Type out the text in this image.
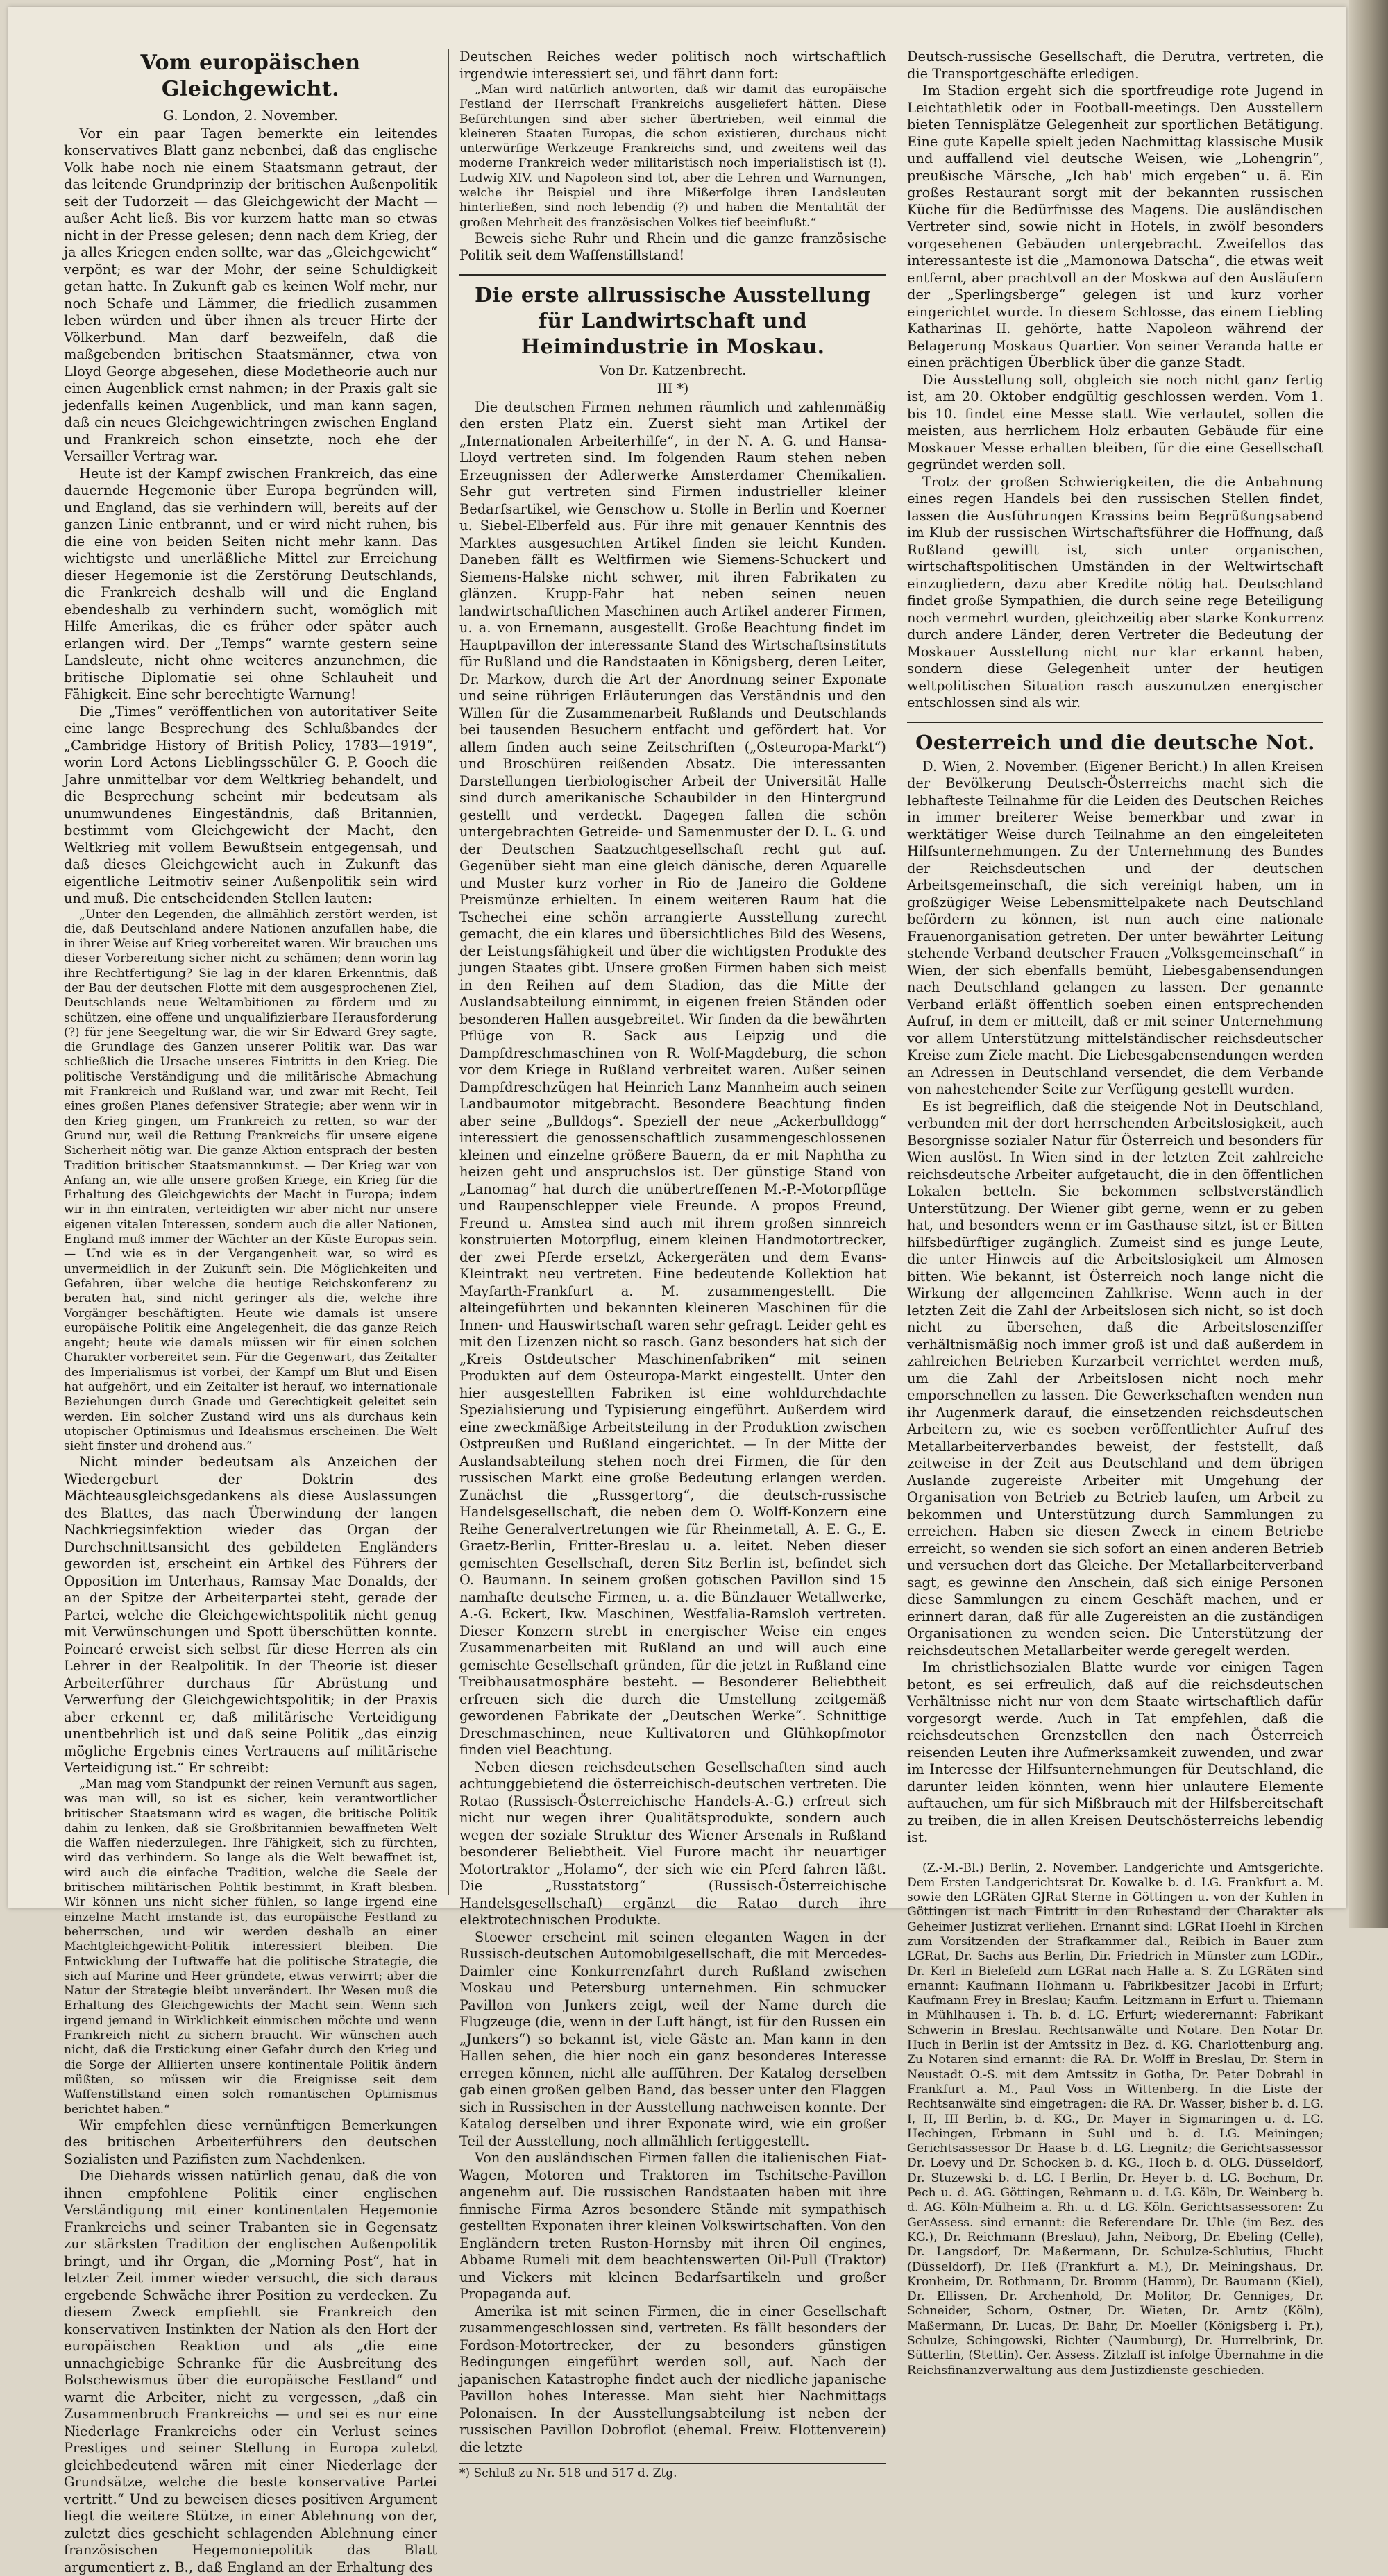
Vom europäischen Gleichgewicht.
G. London, 2. November.

Vor ein paar Tagen bemerkte ein leitendes konservatives Blatt ganz nebenbei, daß das englische Volk habe noch nie einem Staatsmann getraut, der das leitende Grundprinzip der britischen Außenpolitik seit der Tudorzeit — das Gleichgewicht der Macht — außer Acht ließ. Bis vor kurzem hatte man so etwas nicht in der Presse gelesen; denn nach dem Krieg, der ja alles Kriegen enden sollte, war das „Gleichgewicht“ verpönt; es war der Mohr, der seine Schuldigkeit getan hatte. In Zukunft gab es keinen Wolf mehr, nur noch Schafe und Lämmer, die friedlich zusammen leben würden und über ihnen als treuer Hirte der Völkerbund. Man darf bezweifeln, daß die maßgebenden britischen Staatsmänner, etwa von Lloyd George abgesehen, diese Modetheorie auch nur einen Augenblick ernst nahmen; in der Praxis galt sie jedenfalls keinen Augenblick, und man kann sagen, daß ein neues Gleichgewichtringen zwischen England und Frankreich schon einsetzte, noch ehe der Versailler Vertrag war.

Heute ist der Kampf zwischen Frankreich, das eine dauernde Hegemonie über Europa begründen will, und England, das sie verhindern will, bereits auf der ganzen Linie entbrannt, und er wird nicht ruhen, bis die eine von beiden Seiten nicht mehr kann. Das wichtigste und unerläßliche Mittel zur Erreichung dieser Hegemonie ist die Zerstörung Deutschlands, die Frankreich deshalb will und die England ebendeshalb zu verhindern sucht, womöglich mit Hilfe Amerikas, die es früher oder später auch erlangen wird. Der „Temps“ warnte gestern seine Landsleute, nicht ohne weiteres anzunehmen, die britische Diplomatie sei ohne Schlauheit und Fähigkeit. Eine sehr berechtigte Warnung!

Die „Times“ veröffentlichen von autoritativer Seite eine lange Besprechung des Schlußbandes der „Cambridge History of British Policy, 1783—1919“, worin Lord Actons Lieblingsschüler G. P. Gooch die Jahre unmittelbar vor dem Weltkrieg behandelt, und die Besprechung scheint mir bedeutsam als unumwundenes Eingeständnis, daß Britannien, bestimmt vom Gleichgewicht der Macht, den Weltkrieg mit vollem Bewußtsein entgegensah, und daß dieses Gleichgewicht auch in Zukunft das eigentliche Leitmotiv seiner Außenpolitik sein wird und muß. Die entscheidenden Stellen lauten:

„Unter den Legenden, die allmählich zerstört werden, ist die, daß Deutschland andere Nationen anzufallen habe, die in ihrer Weise auf Krieg vorbereitet waren. Wir brauchen uns dieser Vorbereitung sicher nicht zu schämen; denn worin lag ihre Rechtfertigung? Sie lag in der klaren Erkenntnis, daß der Bau der deutschen Flotte mit dem ausgesprochenen Ziel, Deutschlands neue Weltambitionen zu fördern und zu schützen, eine offene und unqualifizierbare Herausforderung (?) für jene Seegeltung war, die wir Sir Edward Grey sagte, die Grundlage des Ganzen unserer Politik war. Das war schließlich die Ursache unseres Eintritts in den Krieg. Die politische Verständigung und die militärische Abmachung mit Frankreich und Rußland war, und zwar mit Recht, Teil eines großen Planes defensiver Strategie; aber wenn wir in den Krieg gingen, um Frankreich zu retten, so war der Grund nur, weil die Rettung Frankreichs für unsere eigene Sicherheit nötig war. Die ganze Aktion entsprach der besten Tradition britischer Staatsmannkunst. — Der Krieg war von Anfang an, wie alle unsere großen Kriege, ein Krieg für die Erhaltung des Gleichgewichts der Macht in Europa; indem wir in ihn eintraten, verteidigten wir aber nicht nur unsere eigenen vitalen Interessen, sondern auch die aller Nationen, England muß immer der Wächter an der Küste Europas sein. — Und wie es in der Vergangenheit war, so wird es unvermeidlich in der Zukunft sein. Die Möglichkeiten und Gefahren, über welche die heutige Reichskonferenz zu beraten hat, sind nicht geringer als die, welche ihre Vorgänger beschäftigten. Heute wie damals ist unsere europäische Politik eine Angelegenheit, die das ganze Reich angeht; heute wie damals müssen wir für einen solchen Charakter vorbereitet sein. Für die Gegenwart, das Zeitalter des Imperialismus ist vorbei, der Kampf um Blut und Eisen hat aufgehört, und ein Zeitalter ist herauf, wo internationale Beziehungen durch Gnade und Gerechtigkeit geleitet sein werden. Ein solcher Zustand wird uns als durchaus kein utopischer Optimismus und Idealismus erscheinen. Die Welt sieht finster und drohend aus.“

Nicht minder bedeutsam als Anzeichen der Wiedergeburt der Doktrin des Mächteausgleichsgedankens als diese Auslassungen des Blattes, das nach Überwindung der langen Nachkriegsinfektion wieder das Organ der Durchschnittsansicht des gebildeten Engländers geworden ist, erscheint ein Artikel des Führers der Opposition im Unterhaus, Ramsay Mac Donalds, der an der Spitze der Arbeiterpartei steht, gerade der Partei, welche die Gleichgewichtspolitik nicht genug mit Verwünschungen und Spott überschütten konnte. Poincaré erweist sich selbst für diese Herren als ein Lehrer in der Realpolitik. In der Theorie ist dieser Arbeiterführer durchaus für Abrüstung und Verwerfung der Gleichgewichtspolitik; in der Praxis aber erkennt er, daß militärische Verteidigung unentbehrlich ist und daß seine Politik „das einzig mögliche Ergebnis eines Vertrauens auf militärische Verteidigung ist.“ Er schreibt:

„Man mag vom Standpunkt der reinen Vernunft aus sagen, was man will, so ist es sicher, kein verantwortlicher britischer Staatsmann wird es wagen, die britische Politik dahin zu lenken, daß sie Großbritannien bewaffneten Welt die Waffen niederzulegen. Ihre Fähigkeit, sich zu fürchten, wird das verhindern. So lange als die Welt bewaffnet ist, wird auch die einfache Tradition, welche die Seele der britischen militärischen Politik bestimmt, in Kraft bleiben. Wir können uns nicht sicher fühlen, so lange irgend eine einzelne Macht imstande ist, das europäische Festland zu beherrschen, und wir werden deshalb an einer Machtgleichgewicht-Politik interessiert bleiben. Die Entwicklung der Luftwaffe hat die politische Strategie, die sich auf Marine und Heer gründete, etwas verwirrt; aber die Natur der Strategie bleibt unverändert. Ihr Wesen muß die Erhaltung des Gleichgewichts der Macht sein. Wenn sich irgend jemand in Wirklichkeit einmischen möchte und wenn Frankreich nicht zu sichern braucht. Wir wünschen auch nicht, daß die Erstickung einer Gefahr durch den Krieg und die Sorge der Alliierten unsere kontinentale Politik ändern müßten, so müssen wir die Ereignisse seit dem Waffenstillstand einen solch romantischen Optimismus berichtet haben.“

Wir empfehlen diese vernünftigen Bemerkungen des britischen Arbeiterführers den deutschen Sozialisten und Pazifisten zum Nachdenken.

Die Diehards wissen natürlich genau, daß die von ihnen empfohlene Politik einer englischen Verständigung mit einer kontinentalen Hegemonie Frankreichs und seiner Trabanten sie in Gegensatz zur stärksten Tradition der englischen Außenpolitik bringt, und ihr Organ, die „Morning Post“, hat in letzter Zeit immer wieder versucht, die sich daraus ergebende Schwäche ihrer Position zu verdecken. Zu diesem Zweck empfiehlt sie Frankreich den konservativen Instinkten der Nation als den Hort der europäischen Reaktion und als „die eine unnachgiebige Schranke für die Ausbreitung des Bolschewismus über die europäische Festland“ und warnt die Arbeiter, nicht zu vergessen, „daß ein Zusammenbruch Frankreichs — und sei es nur eine Niederlage Frankreichs oder ein Verlust seines Prestiges und seiner Stellung in Europa zuletzt gleichbedeutend wären mit einer Niederlage der Grundsätze, welche die beste konservative Partei vertritt.“ Und zu beweisen dieses positiven Argument liegt die weitere Stütze, in einer Ablehnung von der, zuletzt dies geschieht schlagenden Ablehnung einer französischen Hegemoniepolitik das Blatt argumentiert z. B., daß England an der Erhaltung des

Deutschen Reiches weder politisch noch wirtschaftlich irgendwie interessiert sei, und fährt dann fort:

„Man wird natürlich antworten, daß wir damit das europäische Festland der Herrschaft Frankreichs ausgeliefert hätten. Diese Befürchtungen sind aber sicher übertrieben, weil einmal die kleineren Staaten Europas, die schon existieren, durchaus nicht unterwürfige Werkzeuge Frankreichs sind, und zweitens weil das moderne Frankreich weder militaristisch noch imperialistisch ist (!). Ludwig XIV. und Napoleon sind tot, aber die Lehren und Warnungen, welche ihr Beispiel und ihre Mißerfolge ihren Landsleuten hinterließen, sind noch lebendig (?) und haben die Mentalität der großen Mehrheit des französischen Volkes tief beeinflußt.“

Beweis siehe Ruhr und Rhein und die ganze französische Politik seit dem Waffenstillstand!

Die erste allrussische Ausstellung für Landwirtschaft und Heimindustrie in Moskau.
Von Dr. Katzenbrecht.
III *)

Die deutschen Firmen nehmen räumlich und zahlenmäßig den ersten Platz ein. Zuerst sieht man Artikel der „Internationalen Arbeiterhilfe“, in der N. A. G. und Hansa-Lloyd vertreten sind. Im folgenden Raum stehen neben Erzeugnissen der Adlerwerke Amsterdamer Chemikalien. Sehr gut vertreten sind Firmen industrieller kleiner Bedarfsartikel, wie Genschow u. Stolle in Berlin und Koerner u. Siebel-Elberfeld aus. Für ihre mit genauer Kenntnis des Marktes ausgesuchten Artikel finden sie leicht Kunden. Daneben fällt es Weltfirmen wie Siemens-Schuckert und Siemens-Halske nicht schwer, mit ihren Fabrikaten zu glänzen. Krupp-Fahr hat neben seinen neuen landwirtschaftlichen Maschinen auch Artikel anderer Firmen, u. a. von Ernemann, ausgestellt. Große Beachtung findet im Hauptpavillon der interessante Stand des Wirtschaftsinstituts für Rußland und die Randstaaten in Königsberg, deren Leiter, Dr. Markow, durch die Art der Anordnung seiner Exponate und seine rührigen Erläuterungen das Verständnis und den Willen für die Zusammenarbeit Rußlands und Deutschlands bei tausenden Besuchern entfacht und gefördert hat. Vor allem finden auch seine Zeitschriften („Osteuropa-Markt“) und Broschüren reißenden Absatz. Die interessanten Darstellungen tierbiologischer Arbeit der Universität Halle sind durch amerikanische Schaubilder in den Hintergrund gestellt und verdeckt. Dagegen fallen die schön untergebrachten Getreide- und Samenmuster der D. L. G. und der Deutschen Saatzuchtgesellschaft recht gut auf. Gegenüber sieht man eine gleich dänische, deren Aquarelle und Muster kurz vorher in Rio de Janeiro die Goldene Preismünze erhielten. In einem weiteren Raum hat die Tschechei eine schön arrangierte Ausstellung zurecht gemacht, die ein klares und übersichtliches Bild des Wesens, der Leistungsfähigkeit und über die wichtigsten Produkte des jungen Staates gibt. Unsere großen Firmen haben sich meist in den Reihen auf dem Stadion, das die Mitte der Auslandsabteilung einnimmt, in eigenen freien Ständen oder besonderen Hallen ausgebreitet. Wir finden da die bewährten Pflüge von R. Sack aus Leipzig und die Dampfdreschmaschinen von R. Wolf-Magdeburg, die schon vor dem Kriege in Rußland verbreitet waren. Außer seinen Dampfdreschzügen hat Heinrich Lanz Mannheim auch seinen Landbaumotor mitgebracht. Besondere Beachtung finden aber seine „Bulldogs“. Speziell der neue „Ackerbulldogg“ interessiert die genossenschaftlich zusammengeschlossenen kleinen und einzelne größere Bauern, da er mit Naphtha zu heizen geht und anspruchslos ist. Der günstige Stand von „Lanomag“ hat durch die unübertreffenen M.-P.-Motorpflüge und Raupenschlepper viele Freunde. A propos Freund, Freund u. Amstea sind auch mit ihrem großen sinnreich konstruierten Motorpflug, einem kleinen Handmotortrecker, der zwei Pferde ersetzt, Ackergeräten und dem Evans-Kleintrakt neu vertreten. Eine bedeutende Kollektion hat Mayfarth-Frankfurt a. M. zusammengestellt. Die alteingeführten und bekannten kleineren Maschinen für die Innen- und Hauswirtschaft waren sehr gefragt. Leider geht es mit den Lizenzen nicht so rasch. Ganz besonders hat sich der „Kreis Ostdeutscher Maschinenfabriken“ mit seinen Produkten auf dem Osteuropa-Markt eingestellt. Unter den hier ausgestellten Fabriken ist eine wohldurchdachte Spezialisierung und Typisierung eingeführt. Außerdem wird eine zweckmäßige Arbeitsteilung in der Produktion zwischen Ostpreußen und Rußland eingerichtet. — In der Mitte der Auslandsabteilung stehen noch drei Firmen, die für den russischen Markt eine große Bedeutung erlangen werden. Zunächst die „Russgertorg“, die deutsch-russische Handelsgesellschaft, die neben dem O. Wolff-Konzern eine Reihe Generalvertretungen wie für Rheinmetall, A. E. G., E. Graetz-Berlin, Fritter-Breslau u. a. leitet. Neben dieser gemischten Gesellschaft, deren Sitz Berlin ist, befindet sich O. Baumann. In seinem großen gotischen Pavillon sind 15 namhafte deutsche Firmen, u. a. die Bünzlauer Wetallwerke, A.-G. Eckert, Ikw. Maschinen, Westfalia-Ramsloh vertreten. Dieser Konzern strebt in energischer Weise ein enges Zusammenarbeiten mit Rußland an und will auch eine gemischte Gesellschaft gründen, für die jetzt in Rußland eine Treibhausatmosphäre besteht. — Besonderer Beliebtheit erfreuen sich die durch die Umstellung zeitgemäß gewordenen Fabrikate der „Deutschen Werke“. Schnittige Dreschmaschinen, neue Kultivatoren und Glühkopfmotor finden viel Beachtung.

Neben diesen reichsdeutschen Gesellschaften sind auch achtunggebietend die österreichisch-deutschen vertreten. Die Rotao (Russisch-Österreichische Handels-A.-G.) erfreut sich nicht nur wegen ihrer Qualitätsprodukte, sondern auch wegen der soziale Struktur des Wiener Arsenals in Rußland besonderer Beliebtheit. Viel Furore macht ihr neuartiger Motortraktor „Holamo“, der sich wie ein Pferd fahren läßt. Die „Russtatstorg“ (Russisch-Österreichische Handelsgesellschaft) ergänzt die Ratao durch ihre elektrotechnischen Produkte.

Stoewer erscheint mit seinen eleganten Wagen in der Russisch-deutschen Automobilgesellschaft, die mit Mercedes-Daimler eine Konkurrenzfahrt durch Rußland zwischen Moskau und Petersburg unternehmen. Ein schmucker Pavillon von Junkers zeigt, weil der Name durch die Flugzeuge (die, wenn in der Luft hängt, ist für den Russen ein „Junkers“) so bekannt ist, viele Gäste an. Man kann in den Hallen sehen, die hier noch ein ganz besonderes Interesse erregen können, nicht alle aufführen. Der Katalog derselben gab einen großen gelben Band, das besser unter den Flaggen sich in Russischen in der Ausstellung nachweisen konnte. Der Katalog derselben und ihrer Exponate wird, wie ein großer Teil der Ausstellung, noch allmählich fertiggestellt.

Von den ausländischen Firmen fallen die italienischen Fiat-Wagen, Motoren und Traktoren im Tschitsche-Pavillon angenehm auf. Die russischen Randstaaten haben mit ihre finnische Firma Azros besondere Stände mit sympathisch gestellten Exponaten ihrer kleinen Volkswirtschaften. Von den Engländern treten Ruston-Hornsby mit ihren Oil engines, Abbame Rumeli mit dem beachtenswerten Oil-Pull (Traktor) und Vickers mit kleinen Bedarfsartikeln und großer Propaganda auf.

Amerika ist mit seinen Firmen, die in einer Gesellschaft zusammengeschlossen sind, vertreten. Es fällt besonders der Fordson-Motortrecker, der zu besonders günstigen Bedingungen eingeführt werden soll, auf. Nach der japanischen Katastrophe findet auch der niedliche japanische Pavillon hohes Interesse. Man sieht hier Nachmittags Polonaisen. In der Ausstellungsabteilung ist neben der russischen Pavillon Dobroflot (ehemal. Freiw. Flottenverein) die letzte

*) Schluß zu Nr. 518 und 517 d. Ztg.

Deutsch-russische Gesellschaft, die Derutra, vertreten, die die Transportgeschäfte erledigen.

Im Stadion ergeht sich die sportfreudige rote Jugend in Leichtathletik oder in Football-meetings. Den Ausstellern bieten Tennisplätze Gelegenheit zur sportlichen Betätigung. Eine gute Kapelle spielt jeden Nachmittag klassische Musik und auffallend viel deutsche Weisen, wie „Lohengrin“, preußische Märsche, „Ich hab' mich ergeben“ u. ä. Ein großes Restaurant sorgt mit der bekannten russischen Küche für die Bedürfnisse des Magens. Die ausländischen Vertreter sind, sowie nicht in Hotels, in zwölf besonders vorgesehenen Gebäuden untergebracht. Zweifellos das interessanteste ist die „Mamonowa Datscha“, die etwas weit entfernt, aber prachtvoll an der Moskwa auf den Ausläufern der „Sperlingsberge“ gelegen ist und kurz vorher eingerichtet wurde. In diesem Schlosse, das einem Liebling Katharinas II. gehörte, hatte Napoleon während der Belagerung Moskaus Quartier. Von seiner Veranda hatte er einen prächtigen Überblick über die ganze Stadt.

Die Ausstellung soll, obgleich sie noch nicht ganz fertig ist, am 20. Oktober endgültig geschlossen werden. Vom 1. bis 10. findet eine Messe statt. Wie verlautet, sollen die meisten, aus herrlichem Holz erbauten Gebäude für eine Moskauer Messe erhalten bleiben, für die eine Gesellschaft gegründet werden soll.

Trotz der großen Schwierigkeiten, die die Anbahnung eines regen Handels bei den russischen Stellen findet, lassen die Ausführungen Krassins beim Begrüßungsabend im Klub der russischen Wirtschaftsführer die Hoffnung, daß Rußland gewillt ist, sich unter organischen, wirtschaftspolitischen Umständen in der Weltwirtschaft einzugliedern, dazu aber Kredite nötig hat. Deutschland findet große Sympathien, die durch seine rege Beteiligung noch vermehrt wurden, gleichzeitig aber starke Konkurrenz durch andere Länder, deren Vertreter die Bedeutung der Moskauer Ausstellung nicht nur klar erkannt haben, sondern diese Gelegenheit unter der heutigen weltpolitischen Situation rasch auszunutzen energischer entschlossen sind als wir.

Oesterreich und die deutsche Not.

D. Wien, 2. November. (Eigener Bericht.) In allen Kreisen der Bevölkerung Deutsch-Österreichs macht sich die lebhafteste Teilnahme für die Leiden des Deutschen Reiches in immer breiterer Weise bemerkbar und zwar in werktätiger Weise durch Teilnahme an den eingeleiteten Hilfsunternehmungen. Zu der Unternehmung des Bundes der Reichsdeutschen und der deutschen Arbeitsgemeinschaft, die sich vereinigt haben, um in großzügiger Weise Lebensmittelpakete nach Deutschland befördern zu können, ist nun auch eine nationale Frauenorganisation getreten. Der unter bewährter Leitung stehende Verband deutscher Frauen „Volksgemeinschaft“ in Wien, der sich ebenfalls bemüht, Liebesgabensendungen nach Deutschland gelangen zu lassen. Der genannte Verband erläßt öffentlich soeben einen entsprechenden Aufruf, in dem er mitteilt, daß er mit seiner Unternehmung vor allem Unterstützung mittelständischer reichsdeutscher Kreise zum Ziele macht. Die Liebesgabensendungen werden an Adressen in Deutschland versendet, die dem Verbande von nahestehender Seite zur Verfügung gestellt wurden.

Es ist begreiflich, daß die steigende Not in Deutschland, verbunden mit der dort herrschenden Arbeitslosigkeit, auch Besorgnisse sozialer Natur für Österreich und besonders für Wien auslöst. In Wien sind in der letzten Zeit zahlreiche reichsdeutsche Arbeiter aufgetaucht, die in den öffentlichen Lokalen betteln. Sie bekommen selbstverständlich Unterstützung. Der Wiener gibt gerne, wenn er zu geben hat, und besonders wenn er im Gasthause sitzt, ist er Bitten hilfsbedürftiger zugänglich. Zumeist sind es junge Leute, die unter Hinweis auf die Arbeitslosigkeit um Almosen bitten. Wie bekannt, ist Österreich noch lange nicht die Wirkung der allgemeinen Zahlkrise. Wenn auch in der letzten Zeit die Zahl der Arbeitslosen sich nicht, so ist doch nicht zu übersehen, daß die Arbeitslosenziffer verhältnismäßig noch immer groß ist und daß außerdem in zahlreichen Betrieben Kurzarbeit verrichtet werden muß, um die Zahl der Arbeitslosen nicht noch mehr emporschnellen zu lassen. Die Gewerkschaften wenden nun ihr Augenmerk darauf, die einsetzenden reichsdeutschen Arbeitern zu, wie es soeben veröffentlichter Aufruf des Metallarbeiterverbandes beweist, der feststellt, daß zeitweise in der Zeit aus Deutschland und dem übrigen Auslande zugereiste Arbeiter mit Umgehung der Organisation von Betrieb zu Betrieb laufen, um Arbeit zu bekommen und Unterstützung durch Sammlungen zu erreichen. Haben sie diesen Zweck in einem Betriebe erreicht, so wenden sie sich sofort an einen anderen Betrieb und versuchen dort das Gleiche. Der Metallarbeiterverband sagt, es gewinne den Anschein, daß sich einige Personen diese Sammlungen zu einem Geschäft machen, und er erinnert daran, daß für alle Zugereisten an die zuständigen Organisationen zu wenden seien. Die Unterstützung der reichsdeutschen Metallarbeiter werde geregelt werden.

Im christlichsozialen Blatte wurde vor einigen Tagen betont, es sei erfreulich, daß auf die reichsdeutschen Verhältnisse nicht nur von dem Staate wirtschaftlich dafür vorgesorgt werde. Auch in Tat empfehlen, daß die reichsdeutschen Grenzstellen den nach Österreich reisenden Leuten ihre Aufmerksamkeit zuwenden, und zwar im Interesse der Hilfsunternehmungen für Deutschland, die darunter leiden könnten, wenn hier unlautere Elemente auftauchen, um für sich Mißbrauch mit der Hilfsbereitschaft zu treiben, die in allen Kreisen Deutschösterreichs lebendig ist.

(Z.-M.-Bl.) Berlin, 2. November. Landgerichte und Amtsgerichte. Dem Ersten Landgerichtsrat Dr. Kowalke b. d. LG. Frankfurt a. M. sowie den LGRäten GJRat Sterne in Göttingen u. von der Kuhlen in Göttingen ist nach Eintritt in den Ruhestand der Charakter als Geheimer Justizrat verliehen. Ernannt sind: LGRat Hoehl in Kirchen zum Vorsitzenden der Strafkammer dal., Reibich in Bauer zum LGRat, Dr. Sachs aus Berlin, Dir. Friedrich in Münster zum LGDir., Dr. Kerl in Bielefeld zum LGRat nach Halle a. S. Zu LGRäten sind ernannt: Kaufmann Hohmann u. Fabrikbesitzer Jacobi in Erfurt; Kaufmann Frey in Breslau; Kaufm. Leitzmann in Erfurt u. Thiemann in Mühlhausen i. Th. b. d. LG. Erfurt; wiederernannt: Fabrikant Schwerin in Breslau. Rechtsanwälte und Notare. Den Notar Dr. Huch in Berlin ist der Amtssitz in Bez. d. KG. Charlottenburg ang. Zu Notaren sind ernannt: die RA. Dr. Wolff in Breslau, Dr. Stern in Neustadt O.-S. mit dem Amtssitz in Gotha, Dr. Peter Dobrahl in Frankfurt a. M., Paul Voss in Wittenberg. In die Liste der Rechtsanwälte sind eingetragen: die RA. Dr. Wasser, bisher b. d. LG. I, II, III Berlin, b. d. KG., Dr. Mayer in Sigmaringen u. d. LG. Hechingen, Erbmann in Suhl und b. d. LG. Meiningen; Gerichtsassessor Dr. Haase b. d. LG. Liegnitz; die Gerichtsassessor Dr. Loevy und Dr. Schocken b. d. KG., Hoch b. d. OLG. Düsseldorf, Dr. Stuzewski b. d. LG. I Berlin, Dr. Heyer b. d. LG. Bochum, Dr. Pech u. d. AG. Göttingen, Rehmann u. d. LG. Köln, Dr. Weinberg b. d. AG. Köln-Mülheim a. Rh. u. d. LG. Köln. Gerichtsassessoren: Zu GerAssess. sind ernannt: die Referendare Dr. Uhle (im Bez. des KG.), Dr. Reichmann (Breslau), Jahn, Neiborg, Dr. Ebeling (Celle), Dr. Langsdorf, Dr. Maßermann, Dr. Schulze-Schlutius, Flucht (Düsseldorf), Dr. Heß (Frankfurt a. M.), Dr. Meiningshaus, Dr. Kronheim, Dr. Rothmann, Dr. Bromm (Hamm), Dr. Baumann (Kiel), Dr. Ellissen, Dr. Archenhold, Dr. Molitor, Dr. Genniges, Dr. Schneider, Schorn, Ostner, Dr. Wieten, Dr. Arntz (Köln), Maßermann, Dr. Lucas, Dr. Bahr, Dr. Moeller (Königsberg i. Pr.), Schulze, Schingowski, Richter (Naumburg), Dr. Hurrelbrink, Dr. Sütterlin, (Stettin). Ger. Assess. Zitzlaff ist infolge Übernahme in die Reichsfinanzverwaltung aus dem Justizdienste geschieden.
